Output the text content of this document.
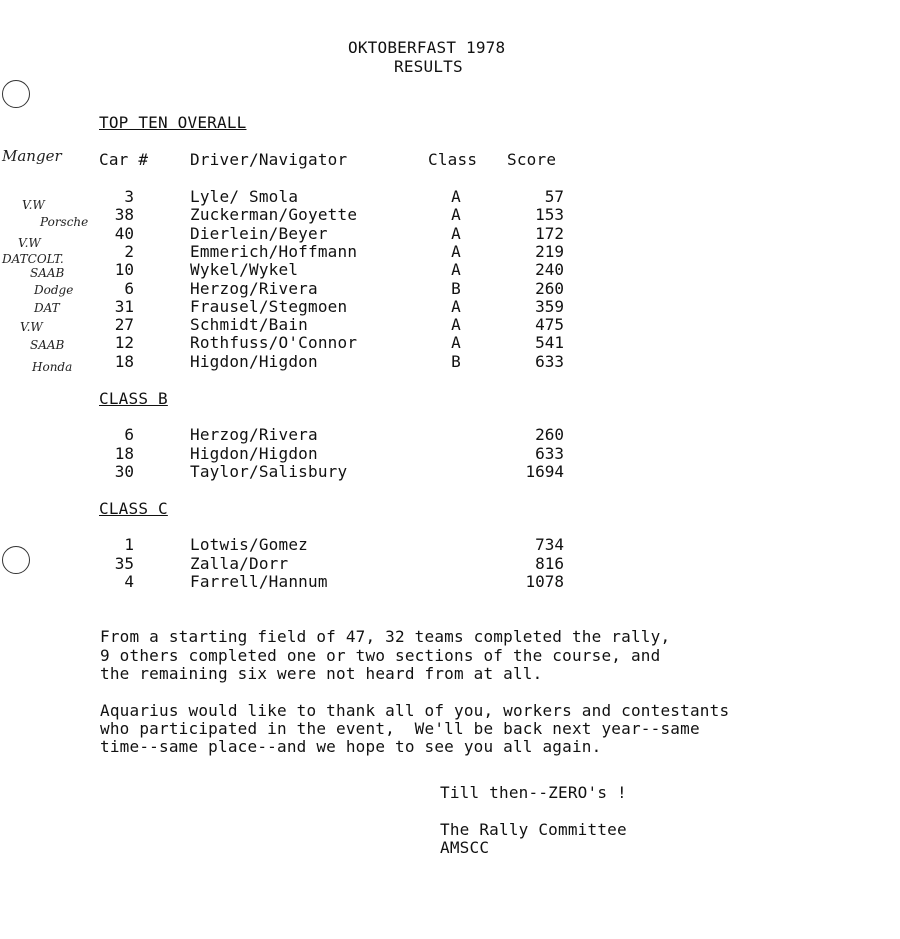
OKTOBERFAST 1978
RESULTS
TOP TEN OVERALL
Car #	Driver/Navigator	Class Score
3	Lyle/ Smola	A	57
38	Zuckerman/Goyette	A	153
40	Dierlein/Beyer	A	172
2	Emmerich/Hoffmann	A	219
10	Wykel/Wykel	A	240
6	Herzog/Rivera	B	260
31	Frausel/Stegmoen	A	359
27	Schmidt/Bain	A	475
12	Rothfuss/O'Connor	A	541
18	Higdon/Higdon	B	633
Manger
V.W
Porsche
V.W
DATCOLT.
SAAB
Dodge
DAT
V.W
SAAB
Honda
CLASS B
6	Herzog/Rivera	260
18	Higdon/Higdon	633
30	Taylor/Salisbury	1694
CLASS C
1	Lotwis/Gomez	734
35	Zalla/Dorr	816
4	Farrell/Hannum	1078
From a starting field of 47, 32 teams completed the rally,
9 others completed one or two sections of the course, and
the remaining six were not heard from at all.
Aquarius would like to thank all of you, workers and contestants
who participated in the event,  We'll be back next year--same
time--same place--and we hope to see you all again.
Till then--ZERO's !
The Rally Committee
AMSCC
